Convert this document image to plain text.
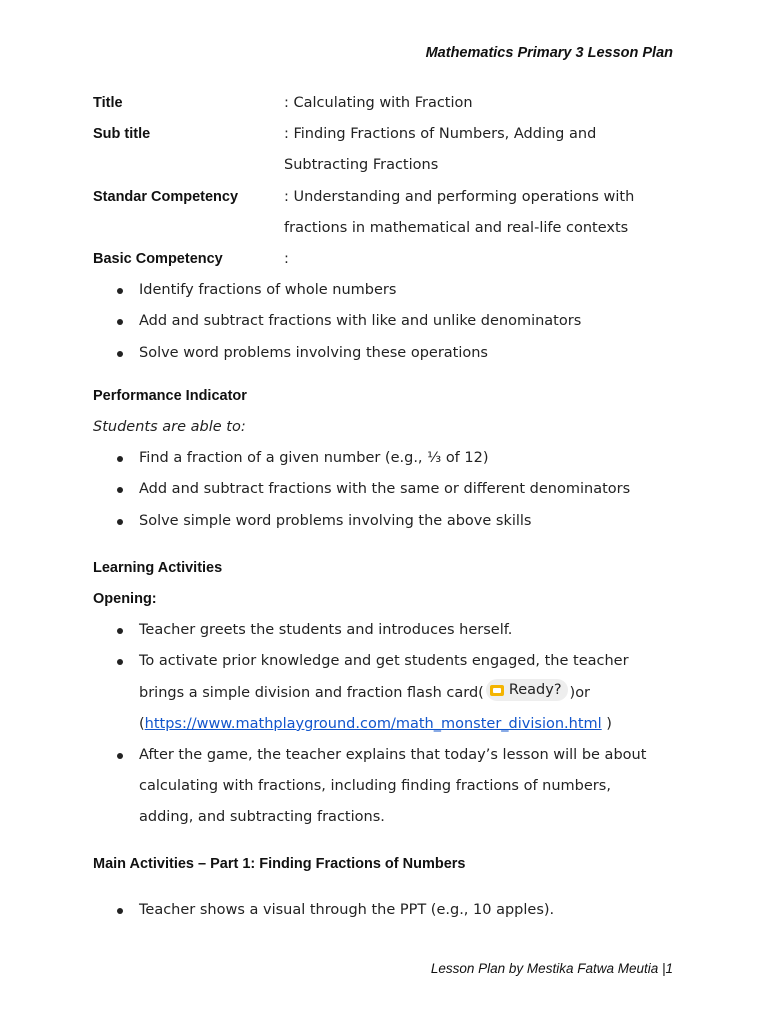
Mathematics Primary 3 Lesson Plan
Title	: Calculating with Fraction
Sub title	: Finding Fractions of Numbers, Adding and
Subtracting Fractions
Standar Competency	: Understanding and performing operations with
fractions in mathematical and real-life contexts
Basic Competency	:
Identify fractions of whole numbers
Add and subtract fractions with like and unlike denominators
Solve word problems involving these operations
Performance Indicator
Students are able to:
Find a fraction of a given number (e.g., ⅓ of 12)
Add and subtract fractions with the same or different denominators
Solve simple word problems involving the above skills
Learning Activities
Opening:
Teacher greets the students and introduces herself.
To activate prior knowledge and get students engaged, the teacher
brings a simple division and fraction flash card( Ready? )or
(https://www.mathplayground.com/math_monster_division.html )
After the game, the teacher explains that today’s lesson will be about
calculating with fractions, including finding fractions of numbers,
adding, and subtracting fractions.
Main Activities – Part 1: Finding Fractions of Numbers
Teacher shows a visual through the PPT (e.g., 10 apples).
Lesson Plan by Mestika Fatwa Meutia |1
